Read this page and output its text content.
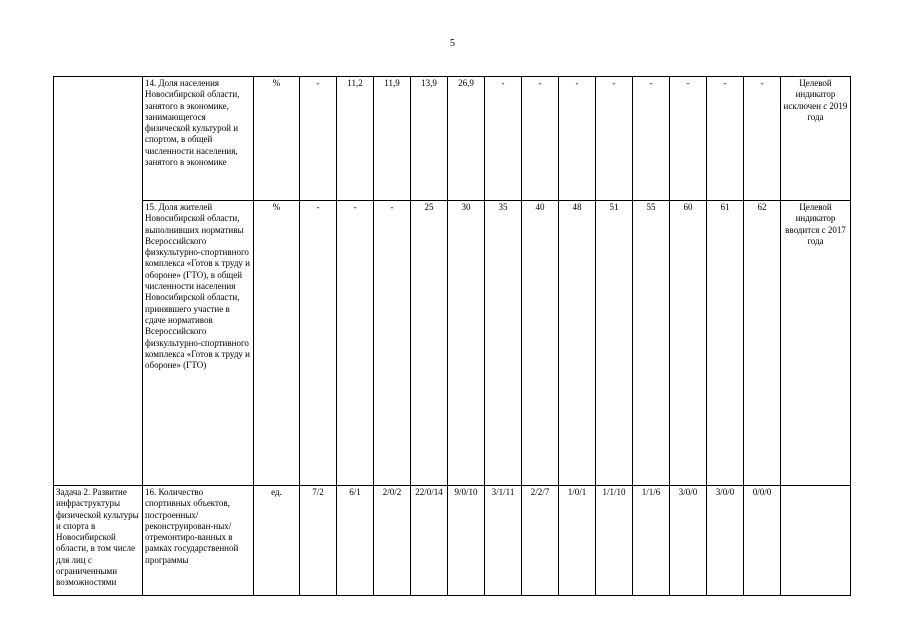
5

	14. Доля населения Новосибирской области, занятого в экономике, занимающегося физической культурой и спортом, в общей численности населения, занятого в экономике	%	-	11,2	11,9	13,9	26,9	-	-	-	-	-	-	-	-	Целевой индикатор исключен с 2019 года

	15. Доля жителей Новосибирской области, выполнивших нормативы Всероссийского физкультурно-спортивного комплекса «Готов к труду и обороне» (ГТО), в общей численности населения Новосибирской области, принявшего участие в сдаче нормативов Всероссийского физкультурно-спортивного комплекса «Готов к труду и обороне» (ГТО)	%	-	-	-	25	30	35	40	48	51	55	60	61	62	Целевой индикатор вводится с 2017 года

Задача 2. Развитие инфраструктуры физической культуры и спорта в Новосибирской области, в том числе для лиц с ограниченными возможностями	16. Количество спортивных объектов, построенных/ реконструирован-ных/отремонтиро-ванных в рамках государственной программы	ед.	7/2	6/1	2/0/2	22/0/14	9/0/10	3/1/11	2/2/7	1/0/1	1/1/10	1/1/6	3/0/0	3/0/0	0/0/0	
